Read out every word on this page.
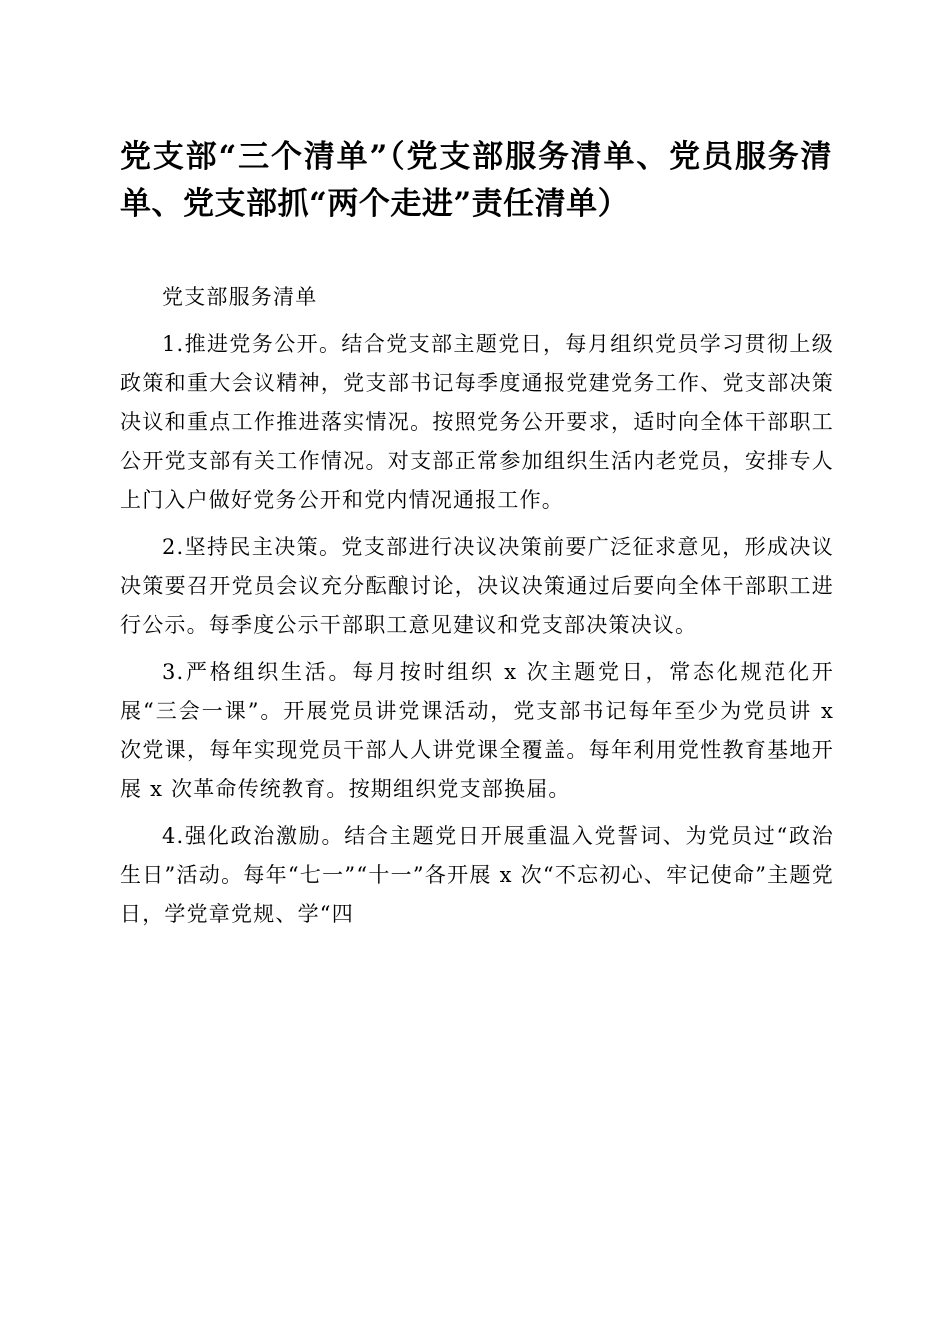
党支部“三个清单”（党支部服务清单、党员服务清单、党支部抓“两个走进”责任清单）

党支部服务清单

1.推进党务公开。结合党支部主题党日，每月组织党员学习贯彻上级政策和重大会议精神，党支部书记每季度通报党建党务工作、党支部决策决议和重点工作推进落实情况。按照党务公开要求，适时向全体干部职工公开党支部有关工作情况。对支部正常参加组织生活内老党员，安排专人上门入户做好党务公开和党内情况通报工作。

2.坚持民主决策。党支部进行决议决策前要广泛征求意见，形成决议决策要召开党员会议充分酝酿讨论，决议决策通过后要向全体干部职工进行公示。每季度公示干部职工意见建议和党支部决策决议。

3.严格组织生活。每月按时组织 x 次主题党日，常态化规范化开展“三会一课”。开展党员讲党课活动，党支部书记每年至少为党员讲 x 次党课，每年实现党员干部人人讲党课全覆盖。每年利用党性教育基地开展 x 次革命传统教育。按期组织党支部换届。

4.强化政治激励。结合主题党日开展重温入党誓词、为党员过“政治生日”活动。每年“七一”“十一”各开展 x 次“不忘初心、牢记使命”主题党日，学党章党规、学“四
